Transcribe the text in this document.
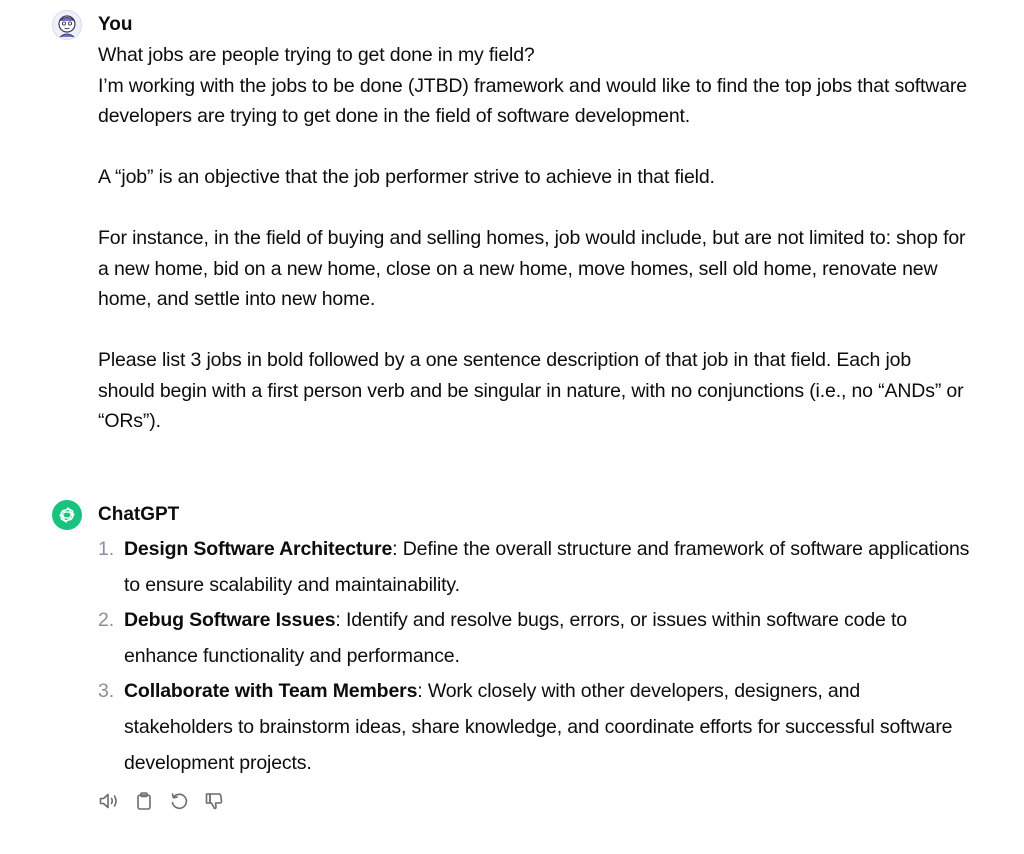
You

What jobs are people trying to get done in my field?
I’m working with the jobs to be done (JTBD) framework and would like to find the top jobs that software developers are trying to get done in the field of software development.

A “job” is an objective that the job performer strive to achieve in that field.

For instance, in the field of buying and selling homes, job would include, but are not limited to: shop for a new home, bid on a new home, close on a new home, move homes, sell old home, renovate new home, and settle into new home.

Please list 3 jobs in bold followed by a one sentence description of that job in that field. Each job should begin with a first person verb and be singular in nature, with no conjunctions (i.e., no “ANDs” or “ORs”).

ChatGPT
1. Design Software Architecture: Define the overall structure and framework of software applications to ensure scalability and maintainability.
2. Debug Software Issues: Identify and resolve bugs, errors, or issues within software code to enhance functionality and performance.
3. Collaborate with Team Members: Work closely with other developers, designers, and stakeholders to brainstorm ideas, share knowledge, and coordinate efforts for successful software development projects.
